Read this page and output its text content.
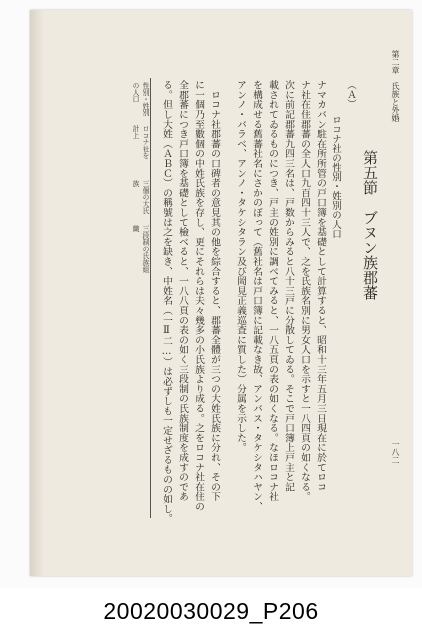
第二章　氏族と外婚
一八二
第五節　ブヌン族郡蕃
（Ａ）
ロコナ社の性別・姓別の人口
ナマカバン駐在所所管の戸口簿を基礎として計算すると、昭和十三年五月三日現在に於てロコ
ナ社在住郡蕃の全人口九百四十三人で、之を氏族名別に男女人口を示すと一八四頁の如くなる。
次に前記郡蕃九四三名は、戸数からみると八十三戸に分散してゐる。そこで戸口簿上戸主と記
載されてゐるものにつき、戸主の姓別に調べてみると、一八五頁の表の如くなる。なほロコナ社
を構成せる舊蕃社名にさかのぼって（舊社名は戸口簿に記載なき故、アンバス・タケシタハヤン、
アンノ・バラベ、アンノ・タケシタラン及び岡見正義巡査に質した）分属を示した。
　ロコナ社郡蕃の口碑者の意見其の他を綜合すると、郡蕃全體が三つの大姓氏族に分れ、その下
に一個乃至數個の中姓氏族を存し、更にそれらは夫々幾多の小氏族より成る。之をロコナ社在住の
全郡蕃につき戸口簿を基礎として檢べると、一八八頁の表の如く三段制の氏族制度を成すのであ
る。但し大姓（ＡＢＣ）の稱號は之を缺き、中姓名（一Ⅱ二…）は必ずしも一定せざるものの如し。
性別・姓別の人口
ロコナ社を計上
三個の大氏族
三段制の氏族組織
20020030029_P206
